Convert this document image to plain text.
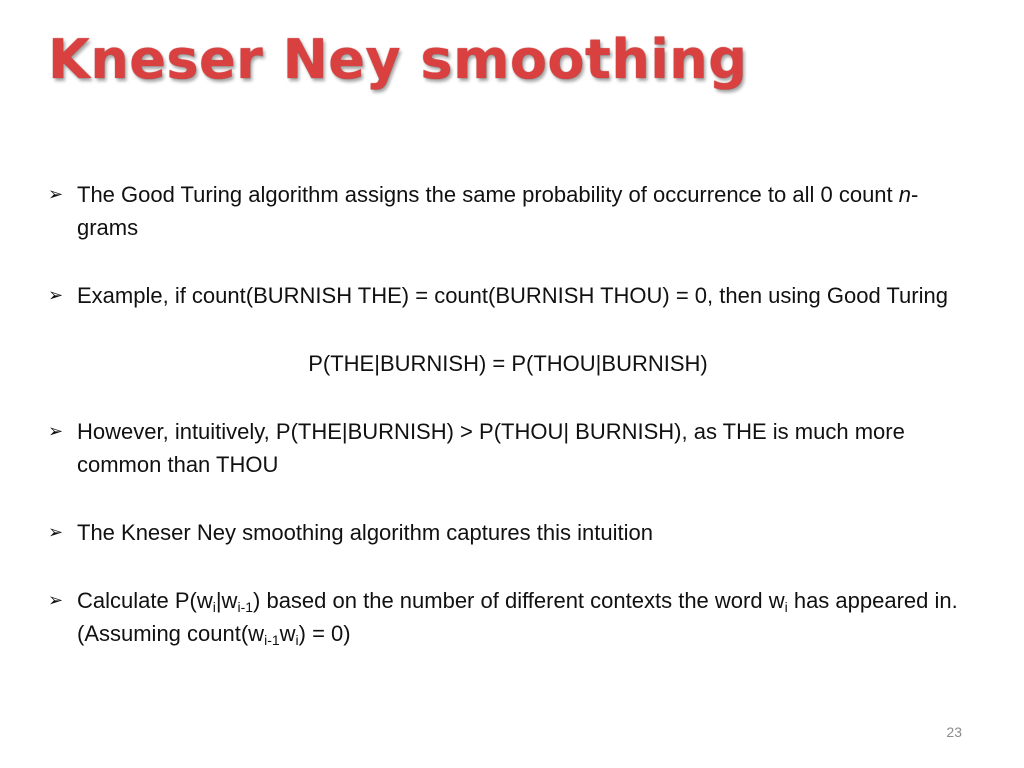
Kneser Ney smoothing
➢ The Good Turing algorithm assigns the same probability of occurrence to all 0 count n-grams
➢ Example, if count(BURNISH THE) = count(BURNISH THOU) = 0, then using Good Turing
P(THE|BURNISH) = P(THOU|BURNISH)
➢ However, intuitively, P(THE|BURNISH) > P(THOU| BURNISH), as THE is much more common than THOU
➢ The Kneser Ney smoothing algorithm captures this intuition
➢ Calculate $P(w_i|w_{i-1})$ based on the number of different contexts the word $w_i$ has appeared in. (Assuming $count(w_{i-1}w_i) = 0$)
23
